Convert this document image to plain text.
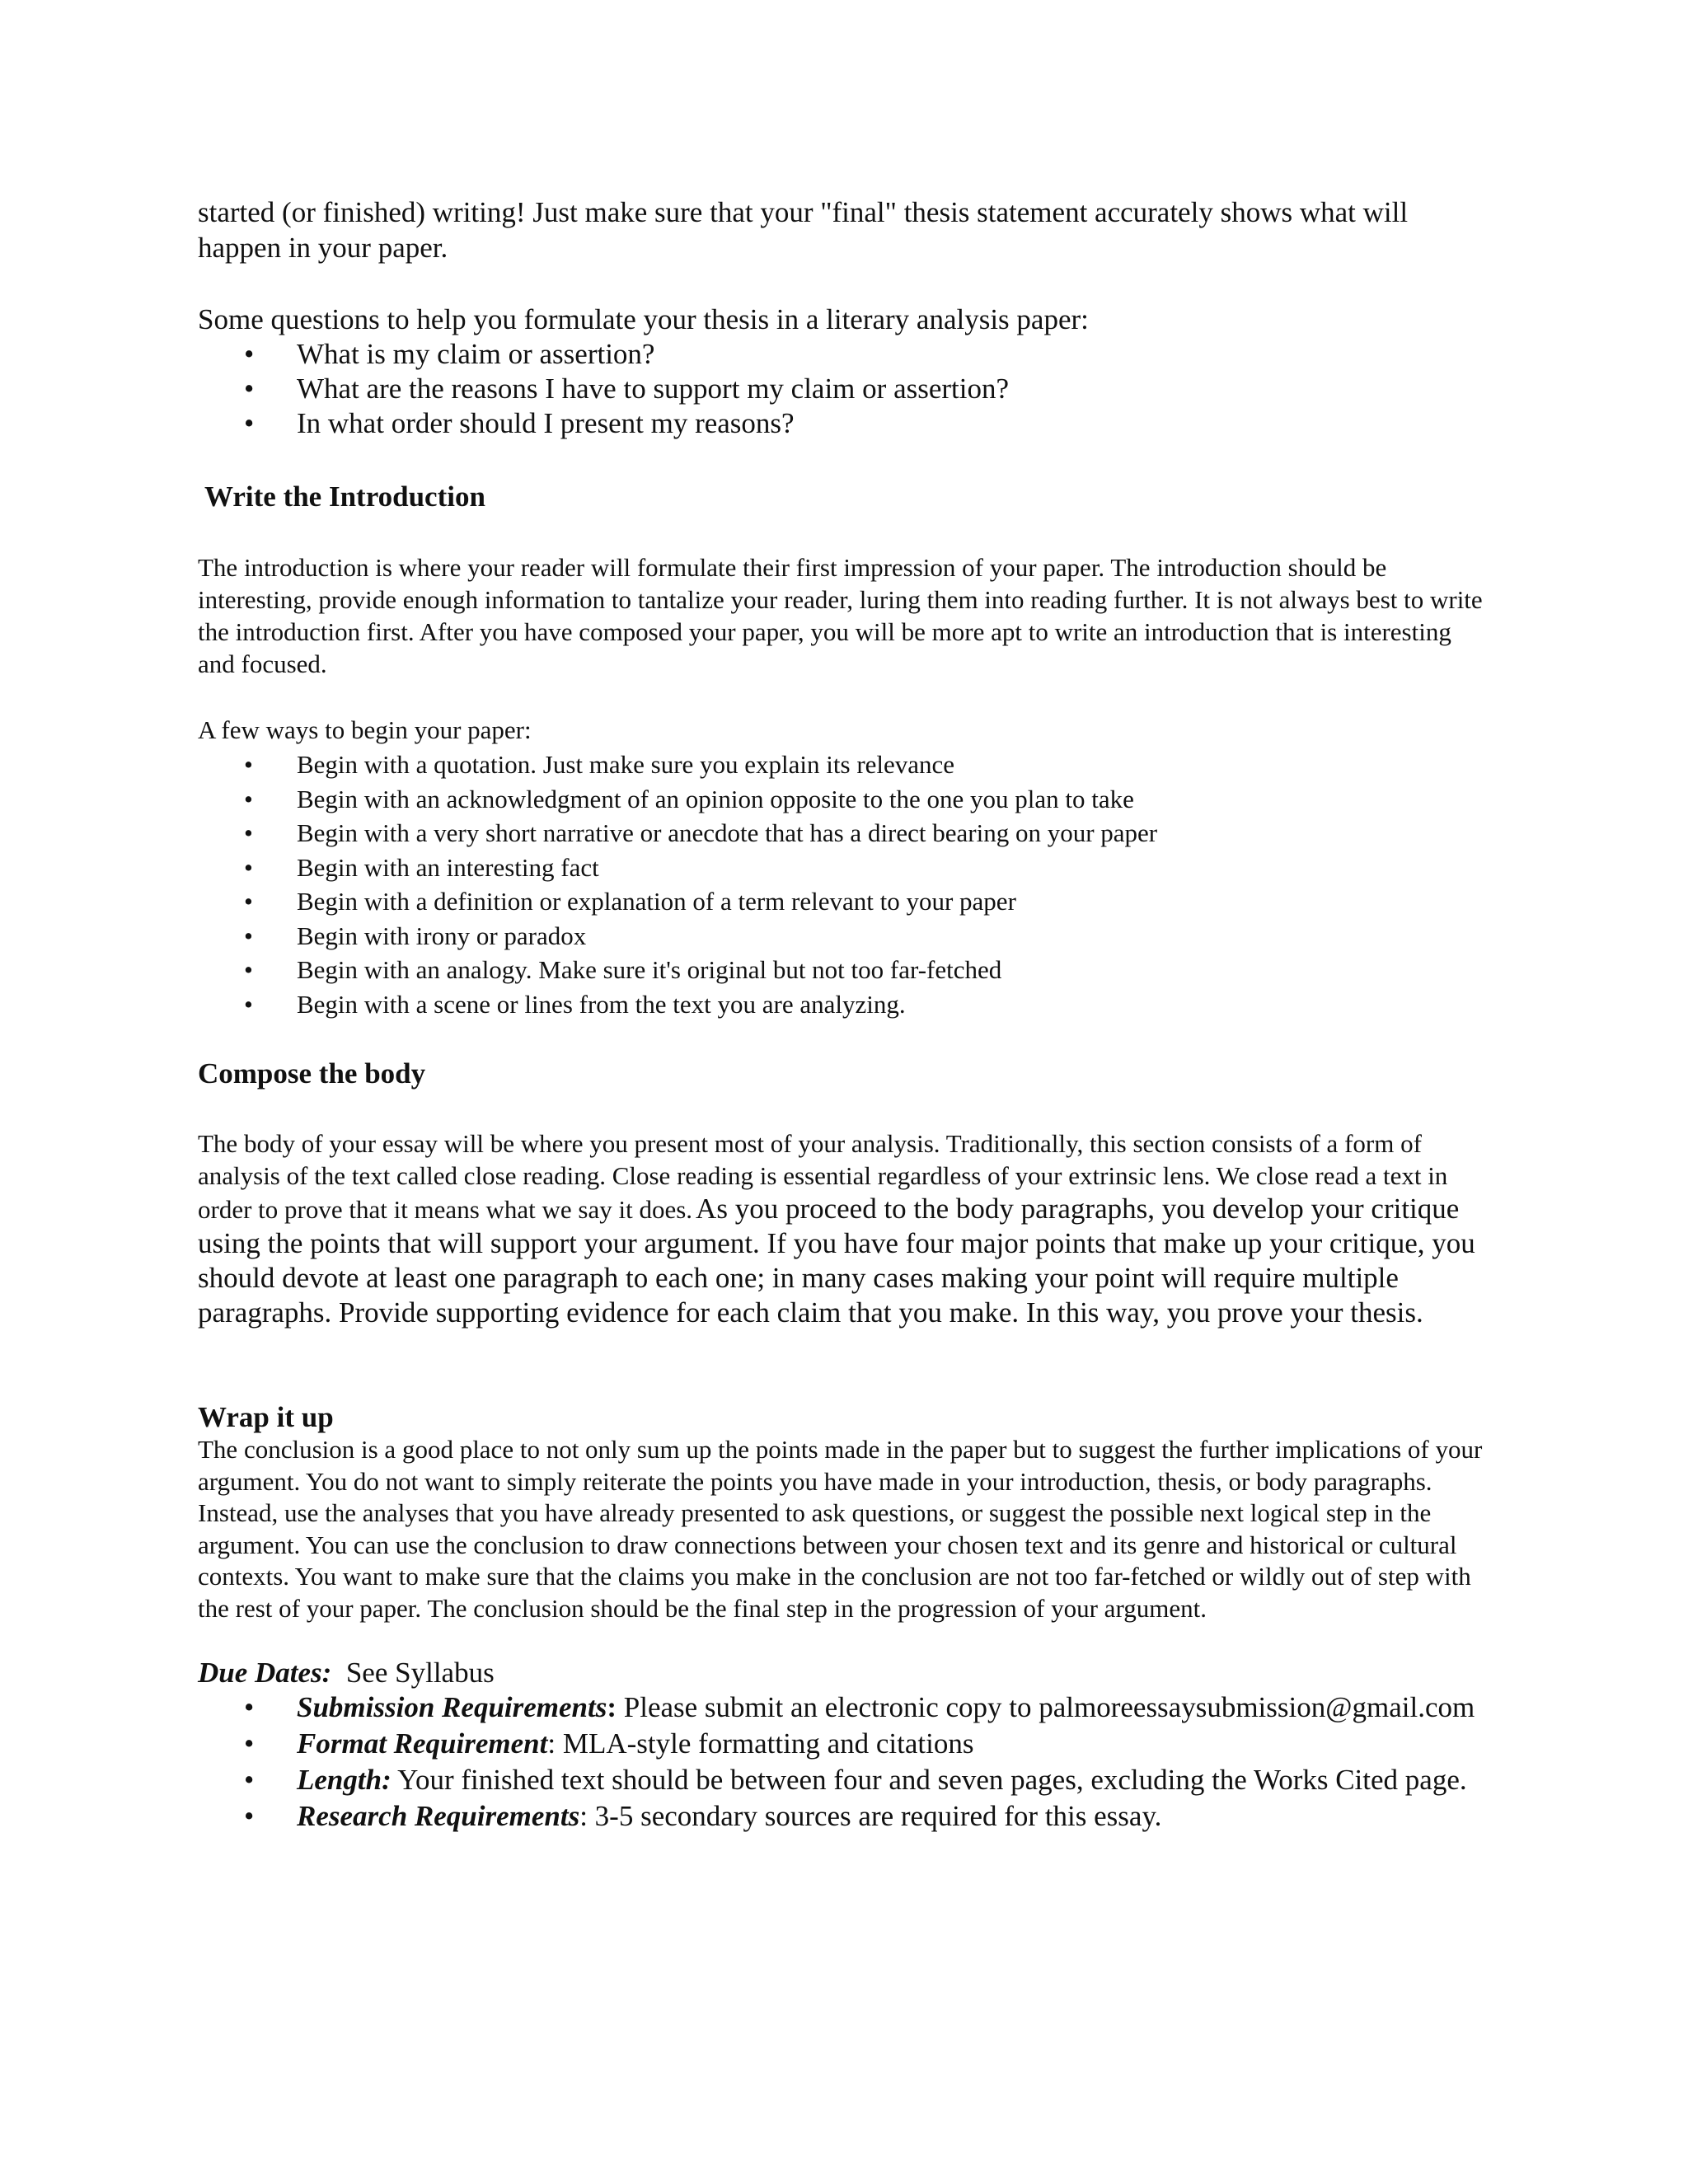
started (or finished) writing! Just make sure that your "final" thesis statement accurately shows what will happen in your paper.

Some questions to help you formulate your thesis in a literary analysis paper:

• What is my claim or assertion?
• What are the reasons I have to support my claim or assertion?
• In what order should I present my reasons?
Write the Introduction

The introduction is where your reader will formulate their first impression of your paper. The introduction should be interesting, provide enough information to tantalize your reader, luring them into reading further. It is not always best to write the introduction first. After you have composed your paper, you will be more apt to write an introduction that is interesting and focused.

A few ways to begin your paper:

• Begin with a quotation. Just make sure you explain its relevance
• Begin with an acknowledgment of an opinion opposite to the one you plan to take
• Begin with a very short narrative or anecdote that has a direct bearing on your paper
• Begin with an interesting fact
• Begin with a definition or explanation of a term relevant to your paper
• Begin with irony or paradox
• Begin with an analogy. Make sure it's original but not too far-fetched
• Begin with a scene or lines from the text you are analyzing.
Compose the body

The body of your essay will be where you present most of your analysis. Traditionally, this section consists of a form of analysis of the text called close reading. Close reading is essential regardless of your extrinsic lens. We close read a text in order to prove that it means what we say it does. As you proceed to the body paragraphs, you develop your critique using the points that will support your argument. If you have four major points that make up your critique, you should devote at least one paragraph to each one; in many cases making your point will require multiple paragraphs. Provide supporting evidence for each claim that you make. In this way, you prove your thesis.

Wrap it up

The conclusion is a good place to not only sum up the points made in the paper but to suggest the further implications of your argument. You do not want to simply reiterate the points you have made in your introduction, thesis, or body paragraphs. Instead, use the analyses that you have already presented to ask questions, or suggest the possible next logical step in the argument. You can use the conclusion to draw connections between your chosen text and its genre and historical or cultural contexts. You want to make sure that the claims you make in the conclusion are not too far-fetched or wildly out of step with the rest of your paper. The conclusion should be the final step in the progression of your argument.

Due Dates: See Syllabus

• Submission Requirements: Please submit an electronic copy to palmoreessaysubmission@gmail.com
• Format Requirement: MLA-style formatting and citations
• Length: Your finished text should be between four and seven pages, excluding the Works Cited page.
• Research Requirements: 3-5 secondary sources are required for this essay.
